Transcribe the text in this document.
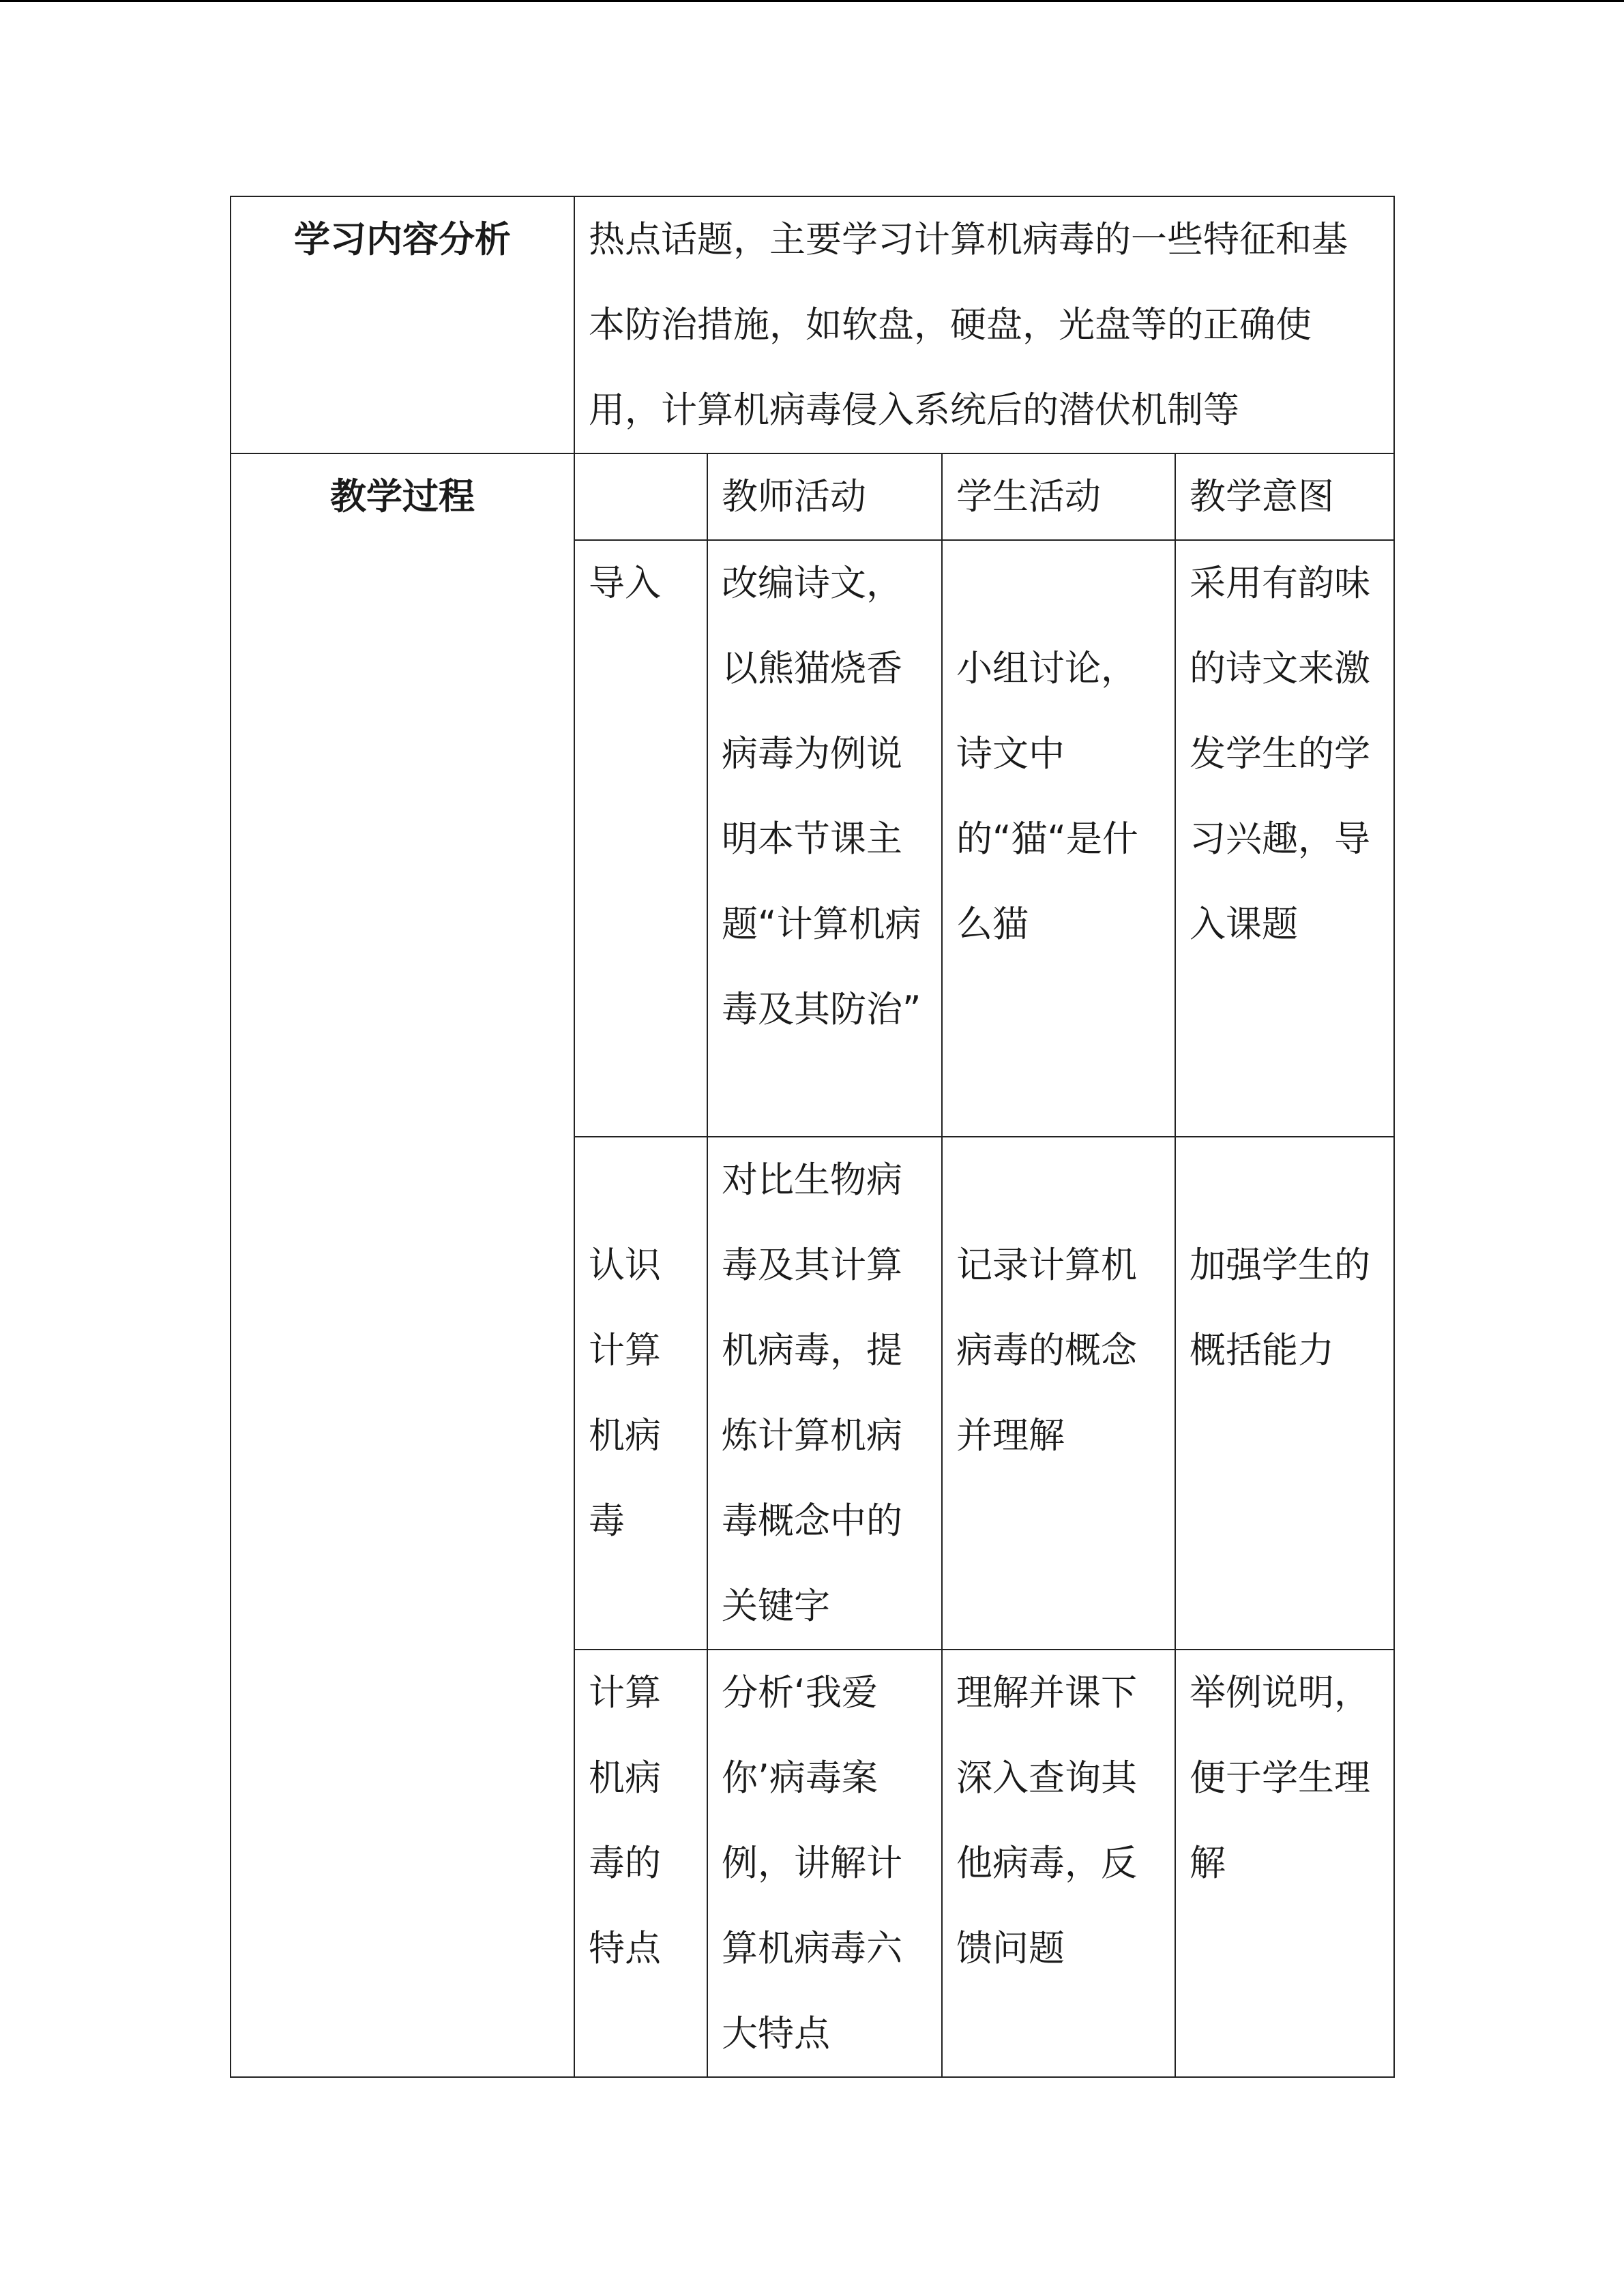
学习内容分析	热点话题，主要学习计算机病毒的一些特征和基本防治措施，如软盘，硬盘，光盘等的正确使用，计算机病毒侵入系统后的潜伏机制等			
教学过程		教师活动	学生活动	教学意图
	导入	改编诗文，以熊猫烧香病毒为例说明本节课主题“计算机病毒及其防治”	小组讨论，诗文中的“猫“是什么猫	采用有韵味的诗文来激发学生的学习兴趣，导入课题
	认识计算机病毒	对比生物病毒及其计算机病毒，提炼计算机病毒概念中的关键字	记录计算机病毒的概念并理解	加强学生的概括能力
	计算机病毒的特点	分析‘我爱你’病毒案例，讲解计算机病毒六大特点	理解并课下深入查询其他病毒，反馈问题	举例说明，便于学生理解
